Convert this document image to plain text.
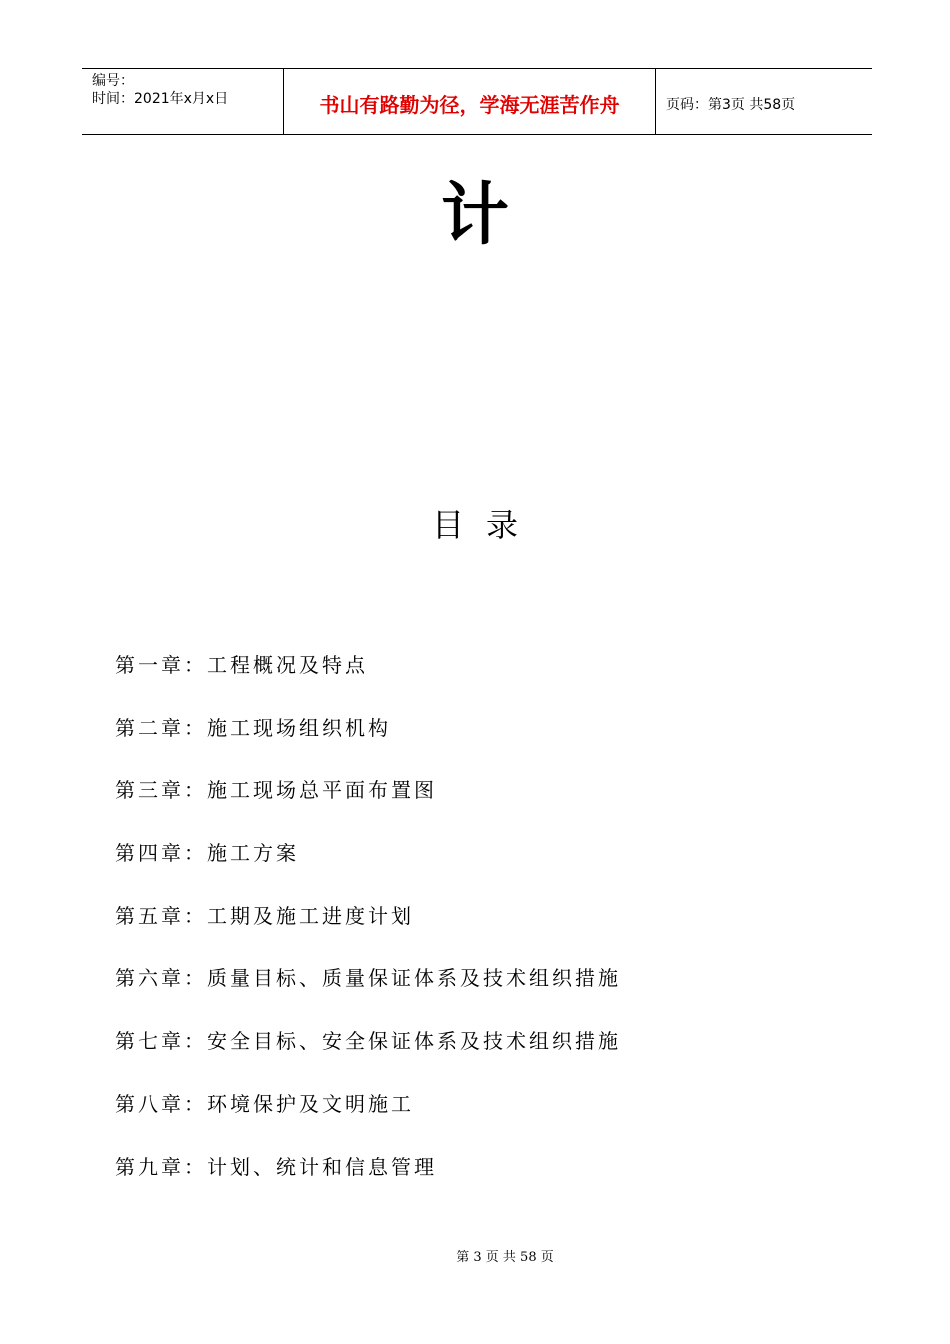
编号：
时间：2021年x月x日	书山有路勤为径，学海无涯苦作舟	页码：第3页 共58页
计
目录
第一章：工程概况及特点
第二章：施工现场组织机构
第三章：施工现场总平面布置图
第四章：施工方案
第五章：工期及施工进度计划
第六章：质量目标、质量保证体系及技术组织措施
第七章：安全目标、安全保证体系及技术组织措施
第八章：环境保护及文明施工
第九章：计划、统计和信息管理
第 3 页 共 58 页
